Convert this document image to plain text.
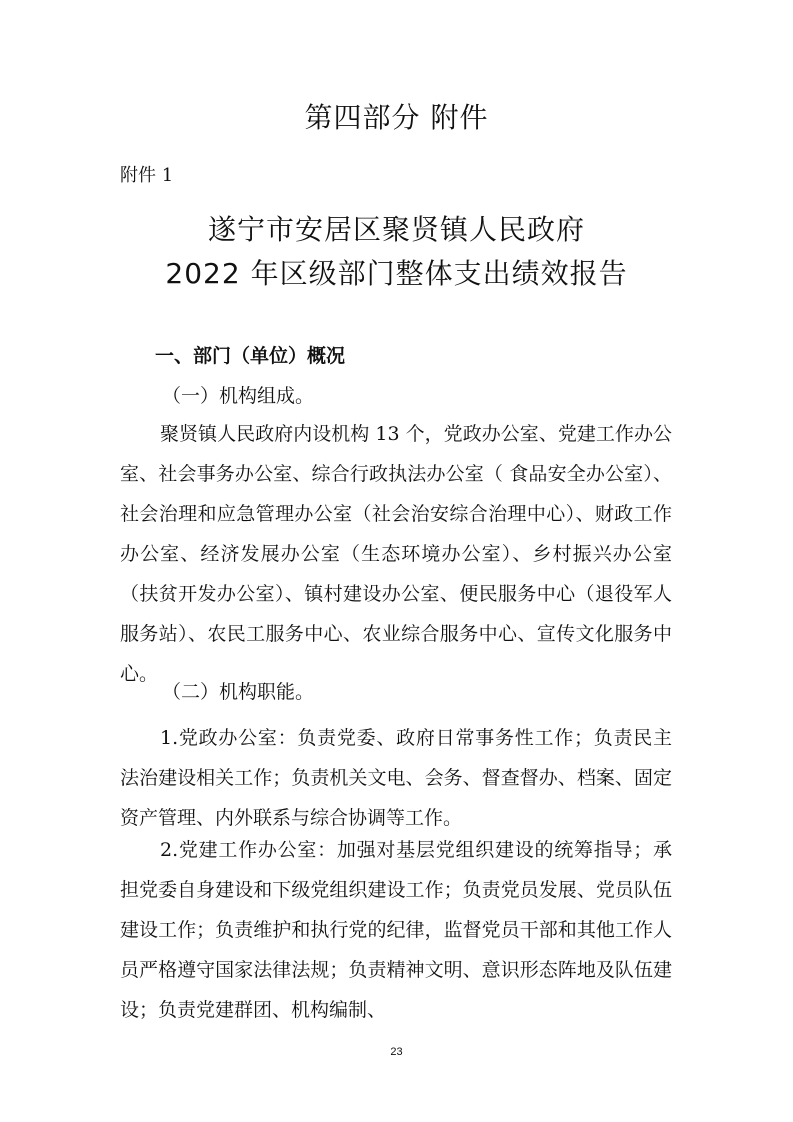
第四部分 附件
附件 1
遂宁市安居区聚贤镇人民政府
2022 年区级部门整体支出绩效报告
一、部门（单位）概况
（一）机构组成。

聚贤镇人民政府内设机构 13 个，党政办公室、党建工作办公室、社会事务办公室、综合行政执法办公室（ 食品安全办公室）、社会治理和应急管理办公室（社会治安综合治理中心）、财政工作办公室、经济发展办公室（生态环境办公室）、乡村振兴办公室（扶贫开发办公室）、镇村建设办公室、便民服务中心（退役军人服务站）、农民工服务中心、农业综合服务中心、宣传文化服务中心。

（二）机构职能。

1.党政办公室：负责党委、政府日常事务性工作；负责民主法治建设相关工作；负责机关文电、会务、督查督办、档案、固定资产管理、内外联系与综合协调等工作。

2.党建工作办公室：加强对基层党组织建设的统筹指导；承担党委自身建设和下级党组织建设工作；负责党员发展、党员队伍建设工作；负责维护和执行党的纪律，监督党员干部和其他工作人员严格遵守国家法律法规；负责精神文明、意识形态阵地及队伍建设；负责党建群团、机构编制、

23
